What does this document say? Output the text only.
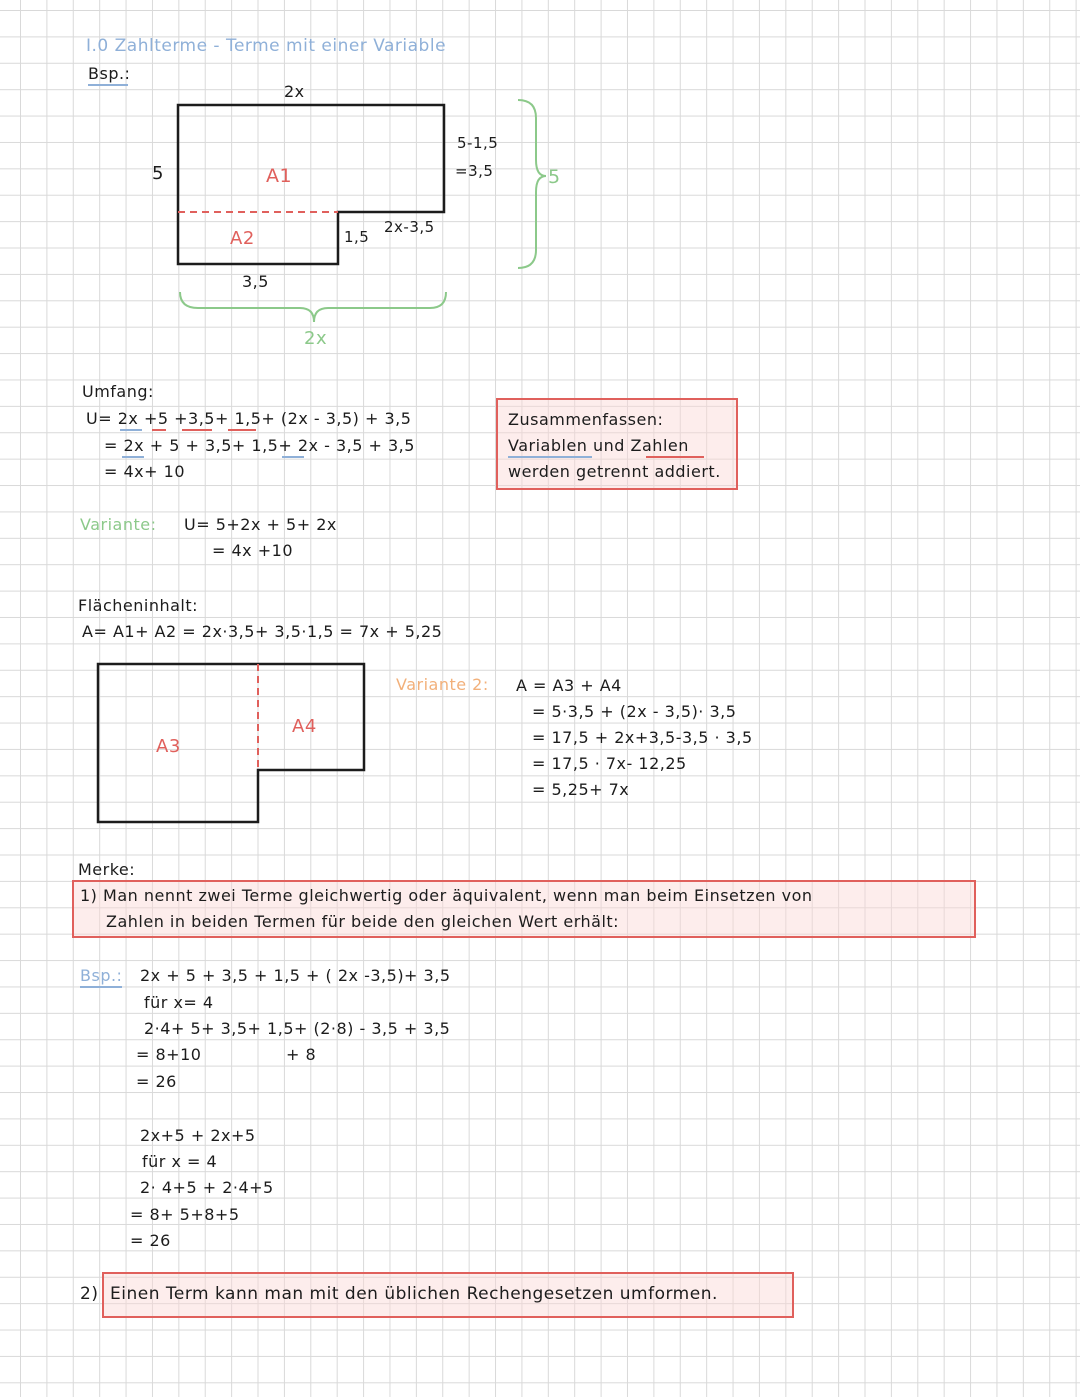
I.0 Zahlterme - Terme mit einer Variable
Bsp.:
2x
5	A1
5-1,5
=3,5	5
A2	1,5
2x-3,5
3,5
2x
Umfang:
U= 2x +5 +3,5+ 1,5+ (2x - 3,5) + 3,5
= 2x + 5 + 3,5+ 1,5+ 2x - 3,5 + 3,5
= 4x+ 10
Zusammenfassen:
Variablen und Zahlen
werden getrennt addiert.
Variante: U= 5+2x + 5+ 2x
= 4x +10
Flächeninhalt:
A= A1+ A2 = 2x·3,5+ 3,5·1,5 = 7x + 5,25
A3
A4
Variante 2: A = A3 + A4
= 5·3,5 + (2x - 3,5)· 3,5
= 17,5 + 2x+3,5-3,5 · 3,5
= 17,5 · 7x- 12,25
= 5,25+ 7x
Merke:
1) Man nennt zwei Terme gleichwertig oder äquivalent, wenn man beim Einsetzen von
Zahlen in beiden Termen für beide den gleichen Wert erhält:
Bsp.: 2x + 5 + 3,5 + 1,5 + ( 2x -3,5)+ 3,5
für x= 4
2·4+ 5+ 3,5+ 1,5+ (2·8) - 3,5 + 3,5
= 8+10	+ 8
= 26
2x+5 + 2x+5
für x = 4
2· 4+5 + 2·4+5
= 8+ 5+8+5
= 26
2) Einen Term kann man mit den üblichen Rechengesetzen umformen.
